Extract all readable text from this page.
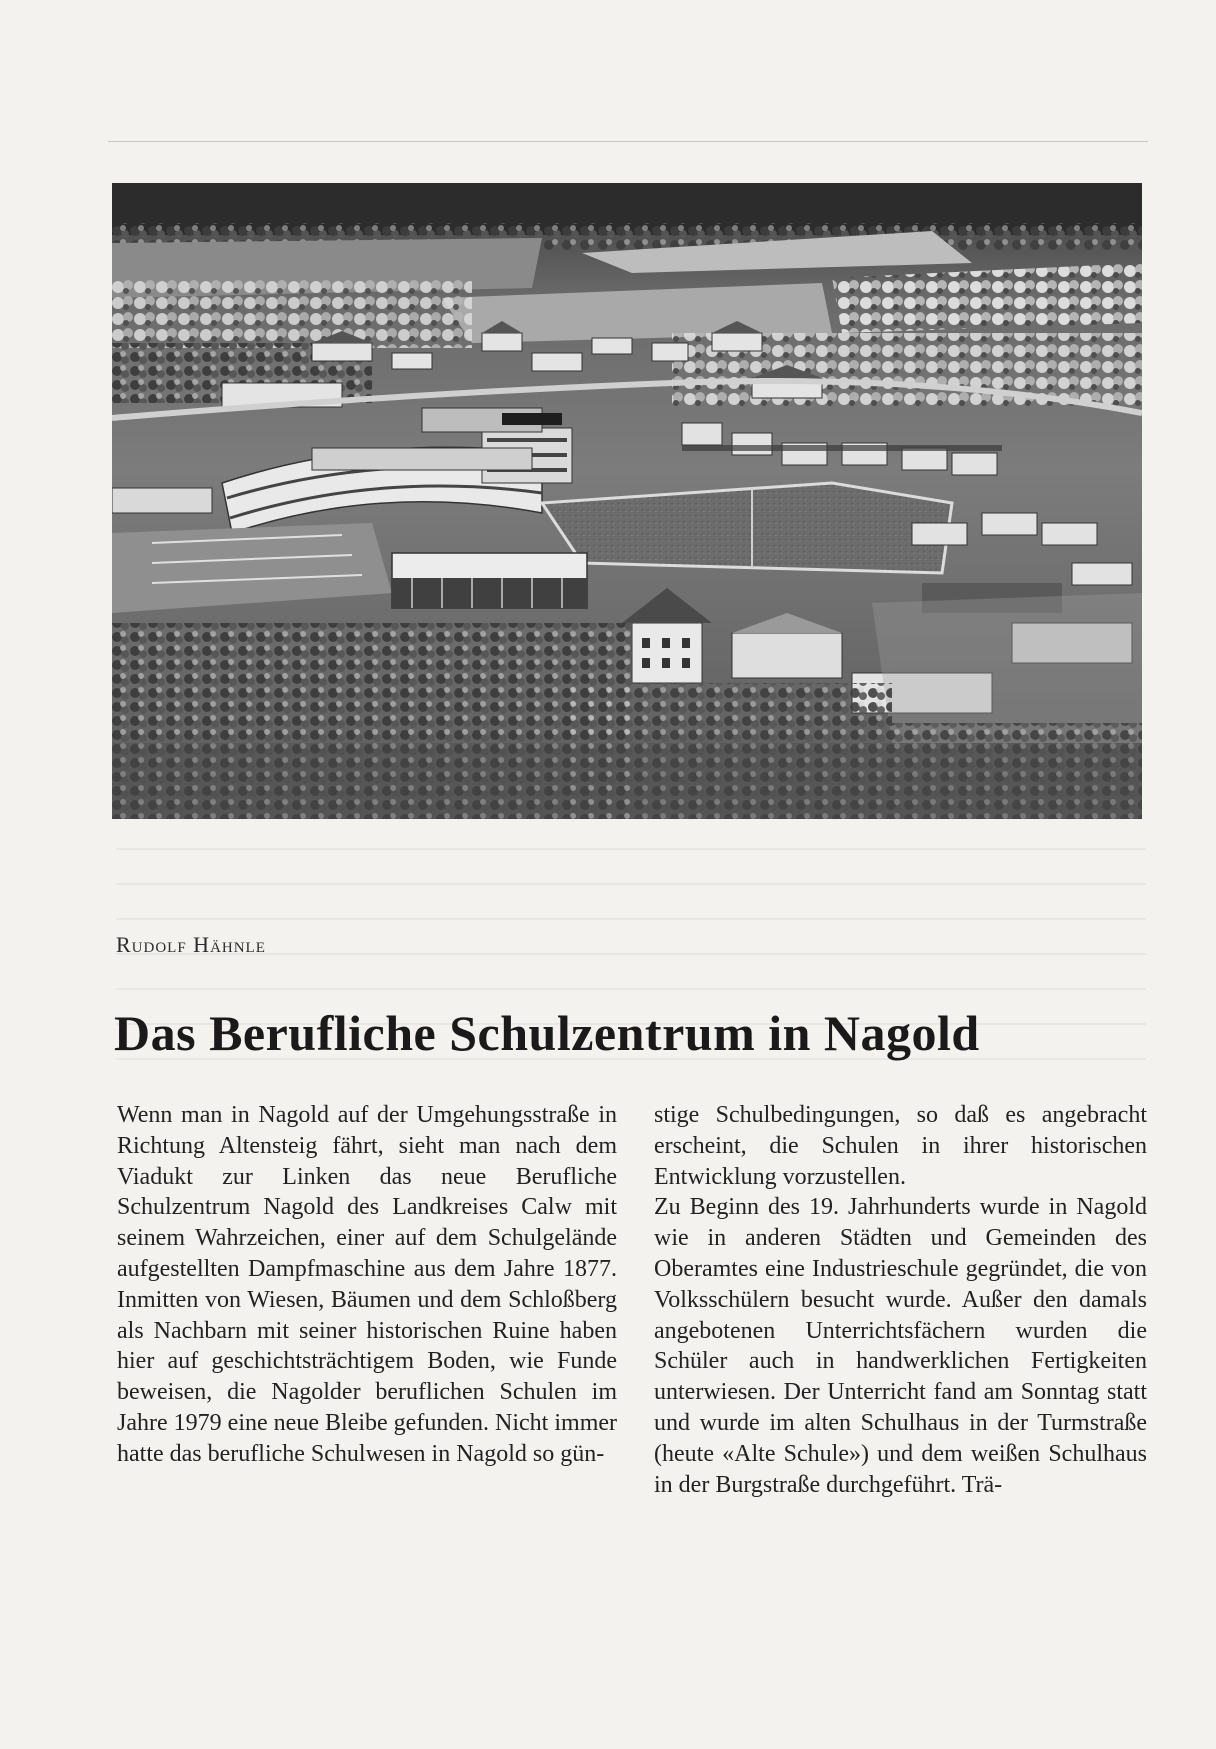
Rudolf Hähnle
Das Berufliche Schulzentrum in Nagold

Wenn man in Nagold auf der Umgehungsstraße in Richtung Altensteig fährt, sieht man nach dem Viadukt zur Linken das neue Berufliche Schulzentrum Nagold des Landkreises Calw mit seinem Wahrzeichen, einer auf dem Schulgelände aufgestellten Dampfmaschine aus dem Jahre 1877. Inmitten von Wiesen, Bäumen und dem Schloßberg als Nachbarn mit seiner historischen Ruine haben hier auf geschichtsträchtigem Boden, wie Funde beweisen, die Nagolder beruflichen Schulen im Jahre 1979 eine neue Bleibe gefunden. Nicht immer hatte das berufliche Schulwesen in Nagold so gün-

stige Schulbedingungen, so daß es angebracht erscheint, die Schulen in ihrer historischen Entwicklung vorzustellen.

Zu Beginn des 19. Jahrhunderts wurde in Nagold wie in anderen Städten und Gemeinden des Oberamtes eine Industrieschule gegründet, die von Volksschülern besucht wurde. Außer den damals angebotenen Unterrichtsfächern wurden die Schüler auch in handwerklichen Fertigkeiten unterwiesen. Der Unterricht fand am Sonntag statt und wurde im alten Schulhaus in der Turmstraße (heute «Alte Schule») und dem weißen Schulhaus in der Burgstraße durchgeführt. Trä-
